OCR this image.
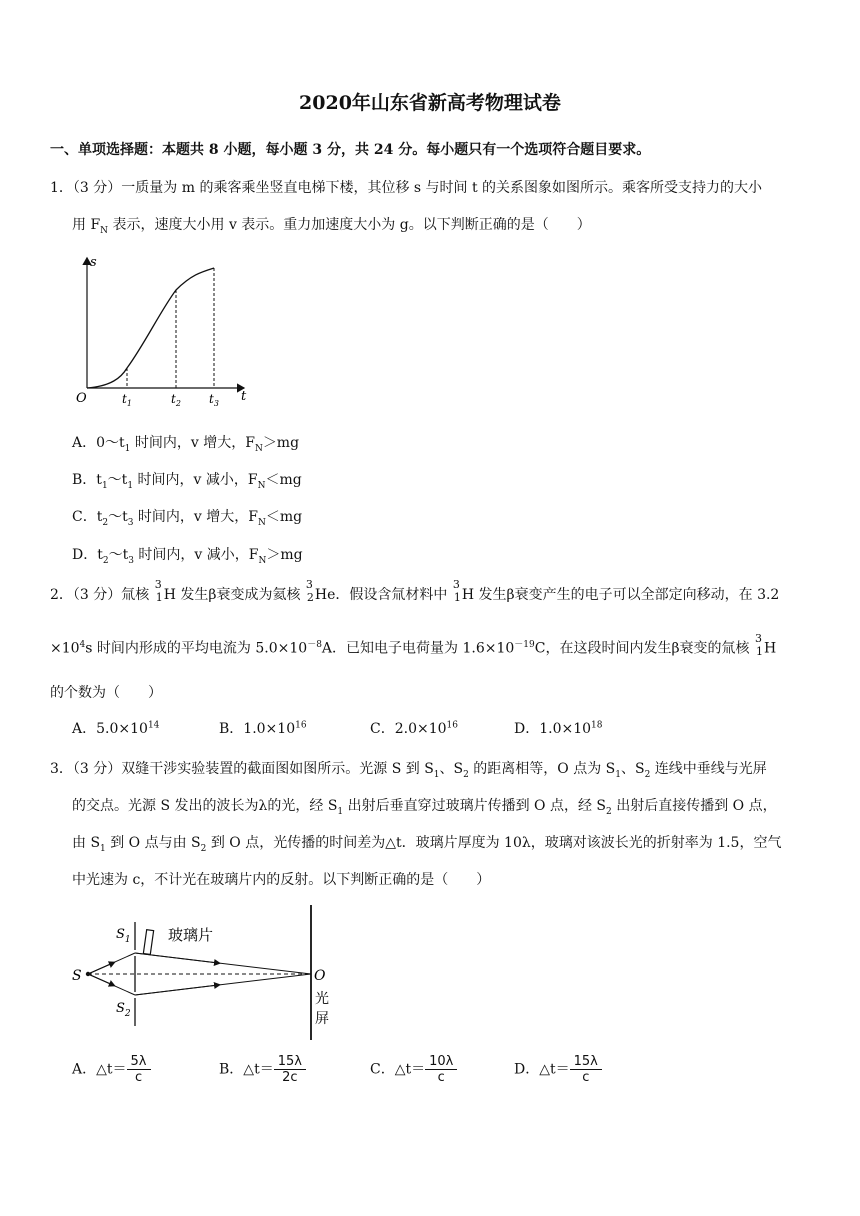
2020年山东省新高考物理试卷
一、单项选择题：本题共 8 小题，每小题 3 分，共 24 分。每小题只有一个选项符合题目要求。
1．（3 分）一质量为 m 的乘客乘坐竖直电梯下楼，其位移 s 与时间 t 的关系图象如图所示。乘客所受支持力的大小
用 $F_N$ 表示，速度大小用 v 表示。重力加速度大小为 g。以下判断正确的是（　　）
s
t
O	$t_1$	$t_2$ $t_3$
A．$0\sim t_1$ 时间内，v 增大，$F_N>mg$
B．$t_1\sim t_1$ 时间内，v 减小，$F_N<mg$
C．$t_2\sim t_3$ 时间内，v 增大，$F_N<mg$
D．$t_2\sim t_3$ 时间内，v 减小，$F_N>mg$
2．（3 分）氚核
3
1 H 发生β衰变成为氦核
3
2 He．假设含氚材料中
3
1 H 发生β衰变产生的电子可以全部定向移动，在 3.2
$\times 10^4s$ 时间内形成的平均电流为 $5.0\times 10^{-8}A$．已知电子电荷量为 $1.6\times 10^{-19}C$，在这段时间内发生β衰变的氚核
3
1 H
的个数为（　　）
A．$5.0\times 10^{14}$	B．$1.0\times 10^{16}$	C．$2.0\times 10^{16}$	D．$1.0\times 10^{18}$
3．（3 分）双缝干涉实验装置的截面图如图所示。光源 S 到 $S_1$、$S_2$ 的距离相等，O 点为 $S_1$、$S_2$ 连线中垂线与光屏
的交点。光源 S 发出的波长为λ的光，经 $S_1$ 出射后垂直穿过玻璃片传播到 O 点，经 $S_2$ 出射后直接传播到 O 点，
由 $S_1$ 到 O 点与由 $S_2$ 到 O 点，光传播的时间差为△t．玻璃片厚度为 10λ，玻璃对该波长光的折射率为 1.5，空气
中光速为 c，不计光在玻璃片内的反射。以下判断正确的是（　　）
S
$S_1$
$S_2$
玻璃片
O
光
屏
A．△t＝ $\frac{5\lambda}{c}$	B．△t＝ $\frac{15\lambda}{2c}$	C．△t＝ $\frac{10\lambda}{c}$	D．△t＝ $\frac{15\lambda}{c}$
